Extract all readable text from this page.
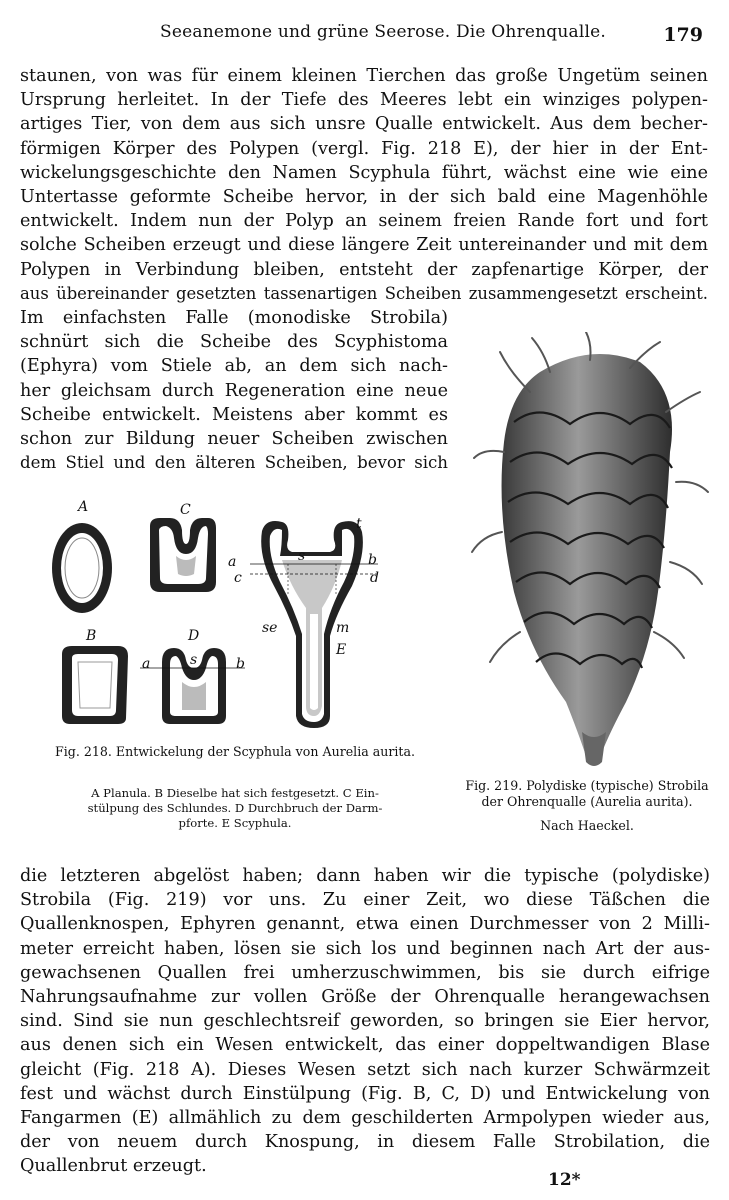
Seeanemone und grüne Seerose. Die Ohrenqualle.	179
staunen, von was für einem kleinen Tierchen das große Ungetüm seinen
Ursprung herleitet. In der Tiefe des Meeres lebt ein winziges polypen-
artiges Tier, von dem aus sich unsre Qualle entwickelt. Aus dem becher-
förmigen Körper des Polypen (vergl. Fig. 218 E), der hier in der Ent-
wickelungsgeschichte den Namen Scyphula führt, wächst eine wie eine
Untertasse geformte Scheibe hervor, in der sich bald eine Magenhöhle
entwickelt. Indem nun der Polyp an seinem freien Rande fort und fort
solche Scheiben erzeugt und diese längere Zeit untereinander und mit dem
Polypen in Verbindung bleiben, entsteht der zapfenartige Körper, der
aus übereinander gesetzten tassenartigen Scheiben zusammengesetzt erscheint.
Im einfachsten Falle (monodiske Strobila)
schnürt sich die Scheibe des Scyphistoma
(Ephyra) vom Stiele ab, an dem sich nach-
her gleichsam durch Regeneration eine neue
Scheibe entwickelt. Meistens aber kommt es
schon zur Bildung neuer Scheiben zwischen
dem Stiel und den älteren Scheiben, bevor sich
A	C
t
a
c
s	b
d
se	m
E
B	D
a	s	b
Fig. 218. Entwickelung der Scyphula von Aurelia aurita.
A Planula. B Dieselbe hat sich festgesetzt. C Ein-
stülpung des Schlundes. D Durchbruch der Darm-
pforte. E Scyphula.
Fig. 219. Polydiske (typische) Strobila
der Ohrenqualle (Aurelia aurita).
Nach Haeckel.
die letzteren abgelöst haben; dann haben wir die typische (polydiske)
Strobila (Fig. 219) vor uns. Zu einer Zeit, wo diese Täßchen die
Quallenknospen, Ephyren genannt, etwa einen Durchmesser von 2 Milli-
meter erreicht haben, lösen sie sich los und beginnen nach Art der aus-
gewachsenen Quallen frei umherzuschwimmen, bis sie durch eifrige
Nahrungsaufnahme zur vollen Größe der Ohrenqualle herangewachsen
sind. Sind sie nun geschlechtsreif geworden, so bringen sie Eier hervor,
aus denen sich ein Wesen entwickelt, das einer doppeltwandigen Blase
gleicht (Fig. 218 A). Dieses Wesen setzt sich nach kurzer Schwärmzeit
fest und wächst durch Einstülpung (Fig. B, C, D) und Entwickelung von
Fangarmen (E) allmählich zu dem geschilderten Armpolypen wieder aus,
der von neuem durch Knospung, in diesem Falle Strobilation, die
Quallenbrut erzeugt.
12*
